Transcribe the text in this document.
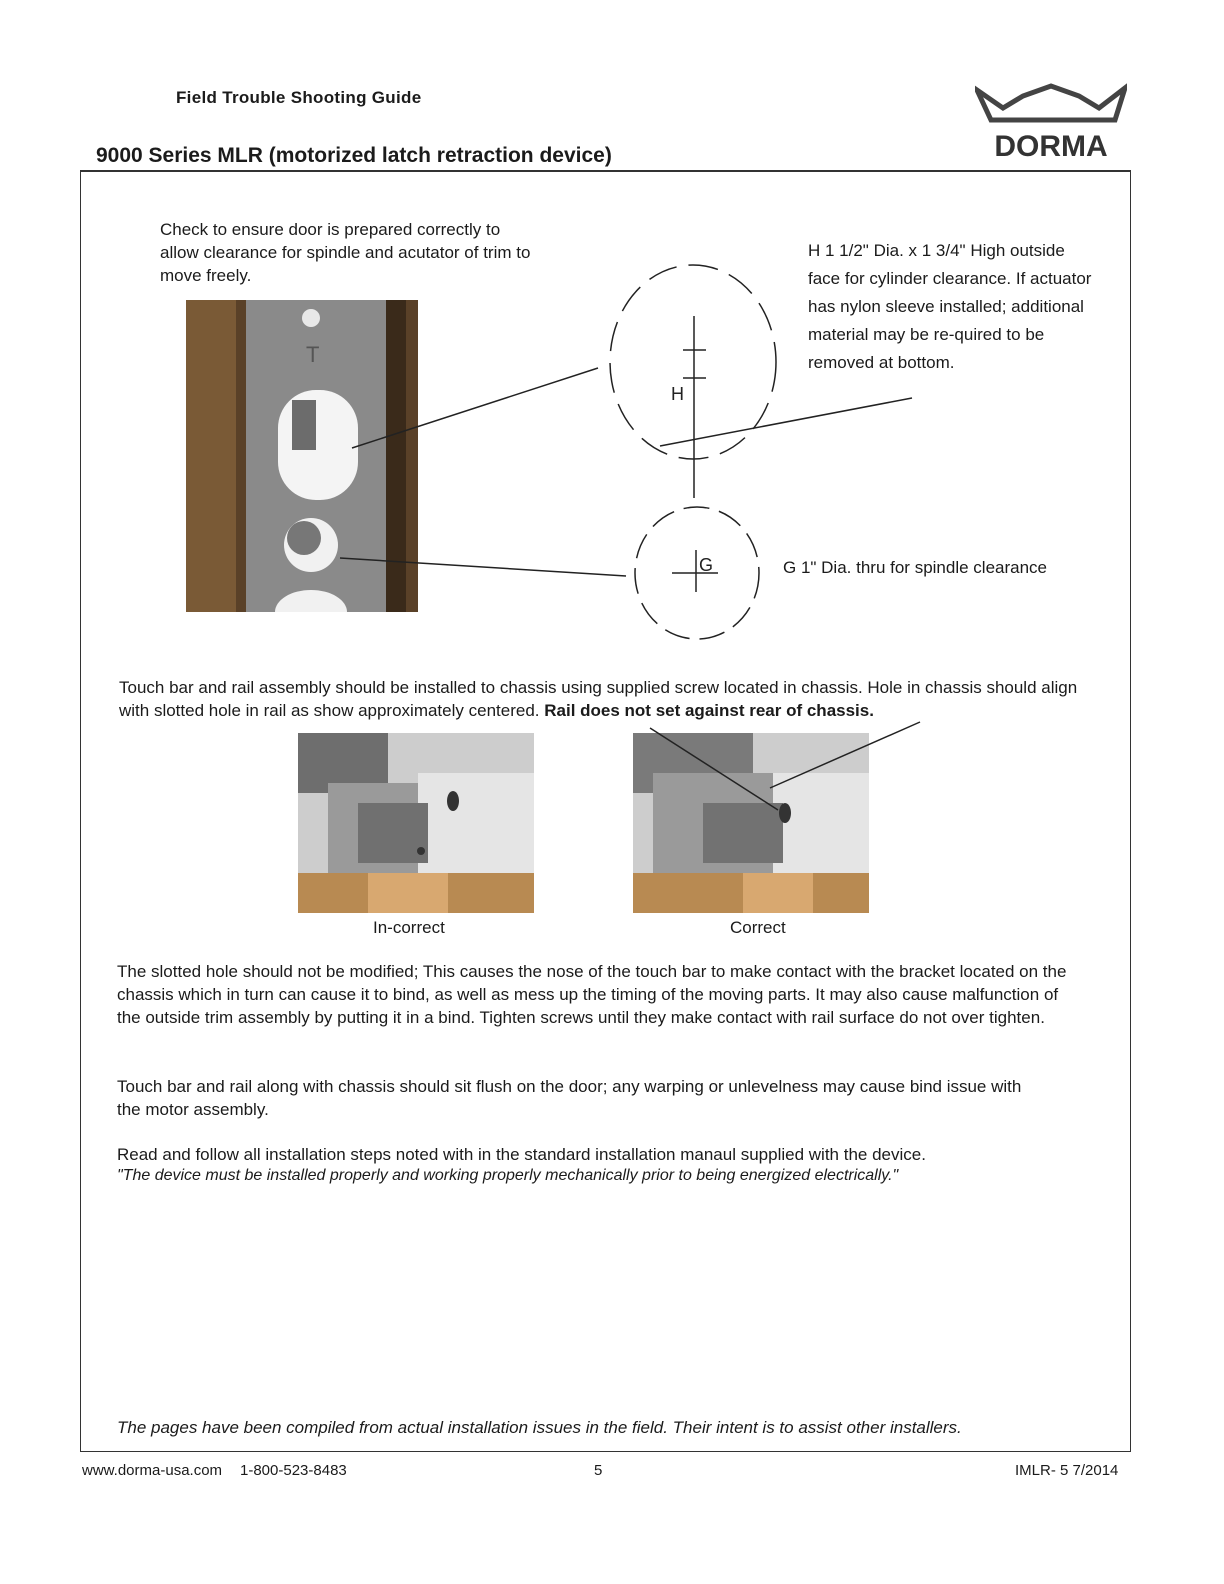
Field Trouble Shooting Guide
9000 Series MLR (motorized latch retraction device)	DORMA
Check to ensure door is prepared correctly to allow clearance for spindle and acutator of trim to move freely.
T
H 1 1/2" Dia. x 1 3/4" High outside face for cylinder clearance. If actuator has nylon sleeve installed; additional material may be re-quired to be removed at bottom.
G 1" Dia. thru for spindle clearance
Touch bar and rail assembly should be installed to chassis using supplied screw located in chassis. Hole in chassis should align with slotted hole in rail as show approximately centered. Rail does not set against rear of chassis.
In-correct	Correct
The slotted hole should not be modified; This causes the nose of the touch bar to make contact with the bracket located on the chassis which in turn can cause it to bind, as well as mess up the timing of the moving parts. It may also cause malfunction of the outside trim assembly by putting it in a bind. Tighten screws until they make contact with rail surface do not over tighten.
Touch bar and rail along with chassis should sit flush on the door; any warping or unlevelness may cause bind issue with the motor assembly.
Read and follow all installation steps noted with in the standard installation manaul supplied with the device.
"The device must be installed properly and working properly mechanically prior to being energized electrically."
The pages have been compiled from actual installation issues in the field. Their intent is to assist other installers.
www.dorma-usa.com 1-800-523-8483	5	IMLR- 5 7/2014
H
G
